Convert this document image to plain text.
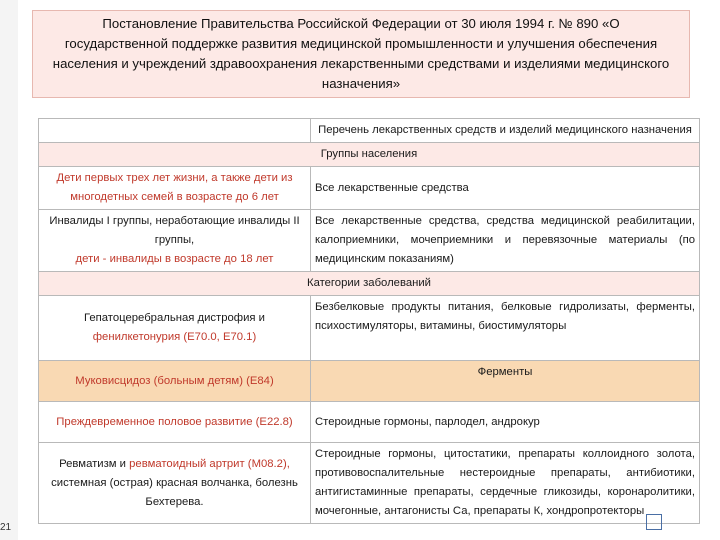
21
Постановление Правительства Российской Федерации от 30 июля 1994 г. № 890 «О государственной поддержке развития медицинской промышленности и улучшения обеспечения населения и учреждений здравоохранения лекарственными средствами и изделиями медицинского назначения»
	Перечень лекарственных средств и изделий медицинского назначения
Группы населения	
Дети первых трех лет жизни, а также дети из многодетных семей в возрасте до 6 лет	Все лекарственные средства
Инвалиды I группы, неработающие инвалиды II группы,
дети - инвалиды в возрасте до 18 лет	Все лекарственные средства, средства медицинской реабилитации, калоприемники, мочеприемники и перевязочные материалы (по медицинским показаниям)
Категории заболеваний	
Гепатоцеребральная дистрофия и
фенилкетонурия (Е70.0, Е70.1)	Безбелковые продукты питания, белковые гидролизаты, ферменты, психостимуляторы, витамины, биостимуляторы
Муковисцидоз (больным детям) (Е84)	Ферменты
Преждевременное половое развитие (Е22.8)	Стероидные гормоны, парлодел, андрокур
Ревматизм и ревматоидный артрит (М08.2), системная (острая) красная волчанка, болезнь Бехтерева.	Стероидные гормоны, цитостатики, препараты коллоидного золота, противовоспалительные нестероидные препараты, антибиотики, антигистаминные препараты, сердечные гликозиды, коронаролитики, мочегонные, антагонисты Са, препараты К, хондропротекторы
